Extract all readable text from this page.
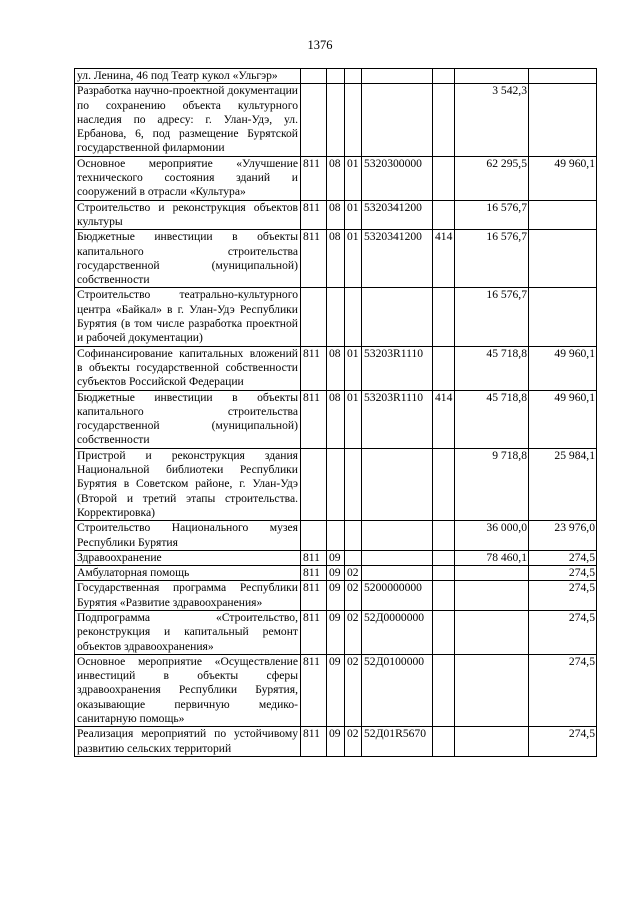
1376
ул. Ленина, 46 под Театр кукол «Ульгэр»							
Разработка научно-проектной документации по сохранению объекта культурного наследия по адресу: г. Улан-Удэ, ул. Ербанова, 6, под размещение Бурятской государственной филармонии						3 542,3	
Основное мероприятие «Улучшение технического состояния зданий и сооружений в отрасли «Культура»	811	08	01	5320300000		62 295,5	49 960,1
Строительство и реконструкция объектов культуры	811	08	01	5320341200		16 576,7	
Бюджетные инвестиции в объекты капитального строительства государственной (муниципальной) собственности	811	08	01	5320341200	414	16 576,7	
Строительство театрально-культурного центра «Байкал» в г. Улан-Удэ Республики Бурятия (в том числе разработка проектной и рабочей документации)						16 576,7	
Софинансирование капитальных вложений в объекты государственной собственности субъектов Российской Федерации	811	08	01	53203R1110		45 718,8	49 960,1
Бюджетные инвестиции в объекты капитального строительства государственной (муниципальной) собственности	811	08	01	53203R1110	414	45 718,8	49 960,1
Пристрой и реконструкция здания Национальной библиотеки Республики Бурятия в Советском районе, г. Улан-Удэ (Второй и третий этапы строительства. Корректировка)						9 718,8	25 984,1
Строительство Национального музея Республики Бурятия						36 000,0	23 976,0
Здравоохранение	811	09				78 460,1	274,5
Амбулаторная помощь	811	09	02				274,5
Государственная программа Республики Бурятия «Развитие здравоохранения»	811	09	02	5200000000			274,5
Подпрограмма «Строительство, реконструкция и капитальный ремонт объектов здравоохранения»	811	09	02	52Д0000000			274,5
Основное мероприятие «Осуществление инвестиций в объекты сферы здравоохранения Республики Бурятия, оказывающие первичную медико-санитарную помощь»	811	09	02	52Д0100000			274,5
Реализация мероприятий по устойчивому развитию сельских территорий	811	09	02	52Д01R5670			274,5
